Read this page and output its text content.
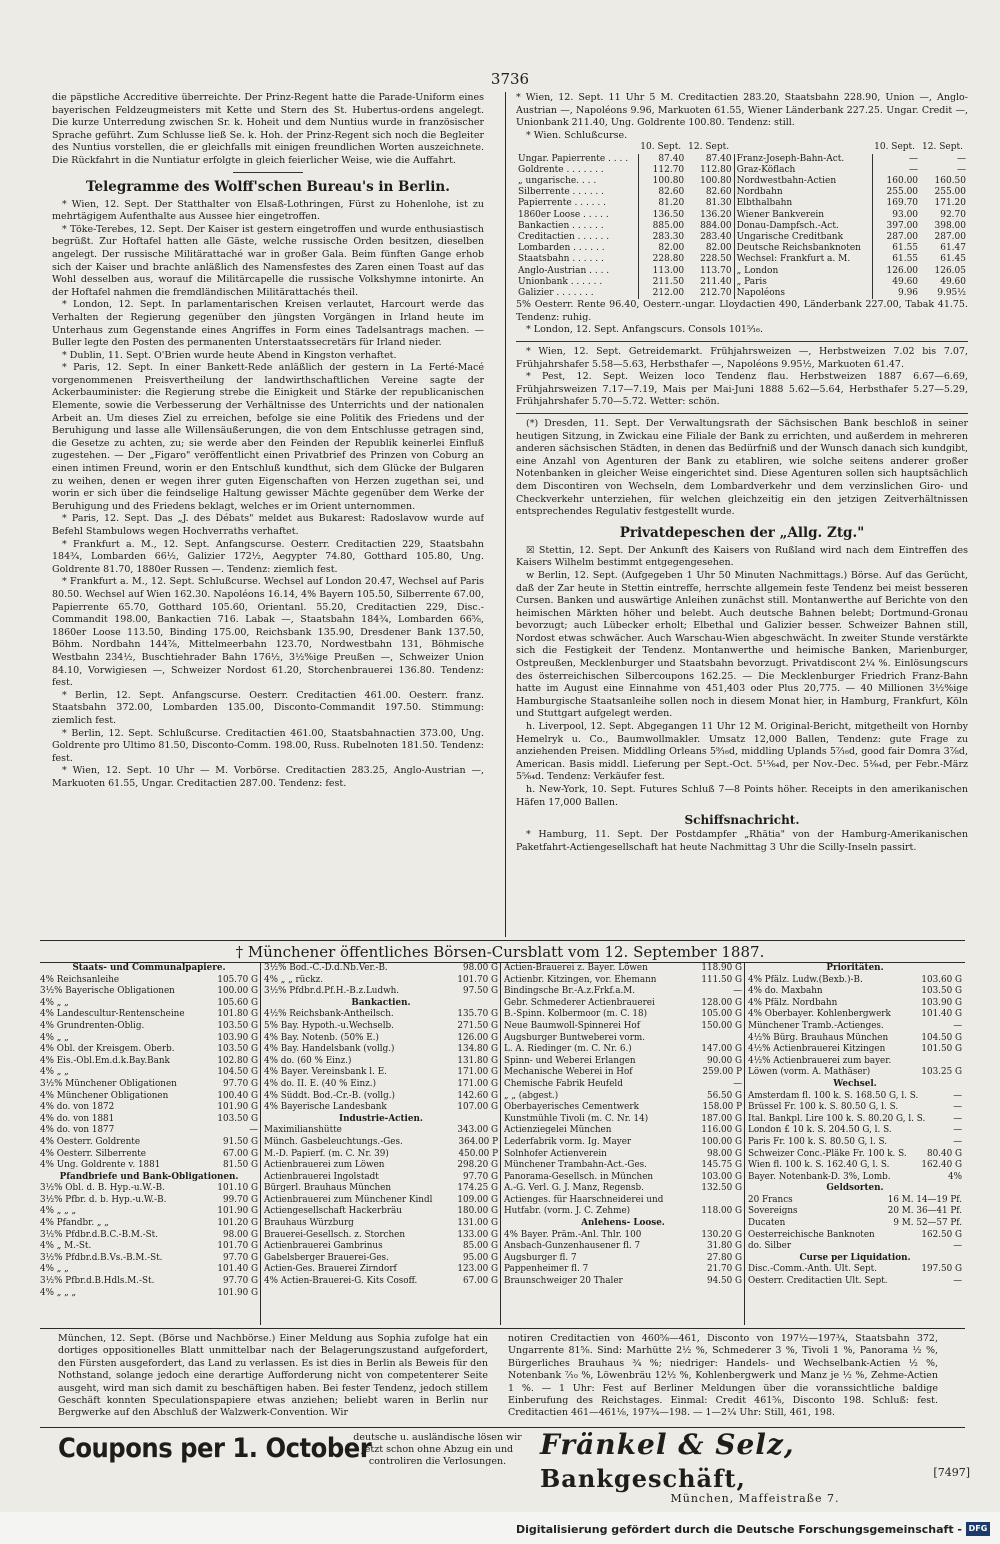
3736

die päpstliche Accreditive überreichte. Der Prinz-Regent hatte die Parade-Uniform eines bayerischen Feldzeugmeisters mit Kette und Stern des St. Hubertus-ordens angelegt. Die kurze Unterredung zwischen Sr. k. Hoheit und dem Nuntius wurde in französischer Sprache geführt. Zum Schlusse ließ Se. k. Hoh. der Prinz-Regent sich noch die Begleiter des Nuntius vorstellen, die er gleichfalls mit einigen freundlichen Worten auszeichnete. Die Rückfahrt in die Nuntiatur erfolgte in gleich feierlicher Weise, wie die Auffahrt.

Telegramme des Wolff'schen Bureau's in Berlin.

* Wien, 12. Sept. Der Statthalter von Elsaß-Lothringen, Fürst zu Hohenlohe, ist zu mehrtägigem Aufenthalte aus Aussee hier eingetroffen.

* Töke-Terebes, 12. Sept. Der Kaiser ist gestern eingetroffen und wurde enthusiastisch begrüßt. Zur Hoftafel hatten alle Gäste, welche russische Orden besitzen, dieselben angelegt. Der russische Militärattaché war in großer Gala. Beim fünften Gange erhob sich der Kaiser und brachte anläßlich des Namensfestes des Zaren einen Toast auf das Wohl desselben aus, worauf die Militärcapelle die russische Volkshymne intonirte. An der Hoftafel nahmen die fremdländischen Militärattachés theil.

* London, 12. Sept. In parlamentarischen Kreisen verlautet, Harcourt werde das Verhalten der Regierung gegenüber den jüngsten Vorgängen in Irland heute im Unterhaus zum Gegenstande eines Angriffes in Form eines Tadelsantrags machen. — Buller legte den Posten des permanenten Unterstaatssecretärs für Irland nieder.

* Dublin, 11. Sept. O'Brien wurde heute Abend in Kingston verhaftet.

* Paris, 12. Sept. In einer Bankett-Rede anläßlich der gestern in La Ferté-Macé vorgenommenen Preisvertheilung der landwirthschaftlichen Vereine sagte der Ackerbauminister: die Regierung strebe die Einigkeit und Stärke der republicanischen Elemente, sowie die Verbesserung der Verhältnisse des Unterrichts und der nationalen Arbeit an. Um dieses Ziel zu erreichen, befolge sie eine Politik des Friedens und der Beruhigung und lasse alle Willensäußerungen, die von dem Entschlusse getragen sind, die Gesetze zu achten, zu; sie werde aber den Feinden der Republik keinerlei Einfluß zugestehen. — Der „Figaro" veröffentlicht einen Privatbrief des Prinzen von Coburg an einen intimen Freund, worin er den Entschluß kundthut, sich dem Glücke der Bulgaren zu weihen, denen er wegen ihrer guten Eigenschaften von Herzen zugethan sei, und worin er sich über die feindselige Haltung gewisser Mächte gegenüber dem Werke der Beruhigung und des Friedens beklagt, welches er im Orient unternommen.

* Paris, 12. Sept. Das „J. des Débats" meldet aus Bukarest: Radoslavow wurde auf Befehl Stambulows wegen Hochverraths verhaftet.

* Frankfurt a. M., 12. Sept. Anfangscurse. Oesterr. Creditactien 229, Staatsbahn 184¾, Lombarden 66½, Galizier 172½, Aegypter 74.80, Gotthard 105.80, Ung. Goldrente 81.70, 1880er Russen —. Tendenz: ziemlich fest.

* Frankfurt a. M., 12. Sept. Schlußcurse. Wechsel auf London 20.47, Wechsel auf Paris 80.50. Wechsel auf Wien 162.30. Napoléons 16.14, 4% Bayern 105.50, Silberrente 67.00, Papierrente 65.70, Gotthard 105.60, Orientanl. 55.20, Creditactien 229, Disc.-Commandit 198.00, Bankactien 716. Labak —, Staatsbahn 184¾, Lombarden 66⅝, 1860er Loose 113.50, Binding 175.00, Reichsbank 135.90, Dresdener Bank 137.50, Böhm. Nordbahn 144⅞, Mittelmeerbahn 123.70, Nordwestbahn 131, Böhmische Westbahn 234½, Buschtiehrader Bahn 176½, 3½%ige Preußen —, Schweizer Union 84.10, Vorwigiesen —, Schweizer Nordost 61.20, Storchenbrauerei 136.80. Tendenz: fest.

* Berlin, 12. Sept. Anfangscurse. Oesterr. Creditactien 461.00. Oesterr. franz. Staatsbahn 372.00, Lombarden 135.00, Disconto-Commandit 197.50. Stimmung: ziemlich fest.

* Berlin, 12. Sept. Schlußcurse. Creditactien 461.00, Staatsbahnactien 373.00, Ung. Goldrente pro Ultimo 81.50, Disconto-Comm. 198.00, Russ. Rubelnoten 181.50. Tendenz: fest.

* Wien, 12. Sept. 10 Uhr — M. Vorbörse. Creditactien 283.25, Anglo-Austrian —, Markuoten 61.55, Ungar. Creditactien 287.00. Tendenz: fest.

* Wien, 12. Sept. 11 Uhr 5 M. Creditactien 283.20, Staatsbahn 228.90, Union —, Anglo-Austrian —, Napoléons 9.96, Markuoten 61.55, Wiener Länderbank 227.25. Ungar. Credit —, Unionbank 211.40, Ung. Goldrente 100.80. Tendenz: still.

* Wien. Schlußcurse.

	10. Sept.	12. Sept.		10. Sept.	12. Sept.
Ungar. Papierrente . . . .	87.40	87.40	Franz-Joseph-Bahn-Act.	—	—
Goldrente . . . . . . .	112.70	112.80	Graz-Köflach	—	—
„ ungarische. . . .	100.80	100.80	Nordwestbahn-Actien	160.00	160.50
Silberrente . . . . . .	82.60	82.60	Nordbahn	255.00	255.00
Papierrente . . . . . .	81.20	81.30	Elbthalbahn	169.70	171.20
1860er Loose . . . . .	136.50	136.20	Wiener Bankverein	93.00	92.70
Bankactien . . . . . .	885.00	884.00	Donau-Dampfsch.-Act.	397.00	398.00
Creditactien . . . . . .	283.30	283.40	Ungarische Creditbank	287.00	287.00
Lombarden . . . . . .	82.00	82.00	Deutsche Reichsbanknoten	61.55	61.47
Staatsbahn . . . . . .	228.80	228.50	Wechsel: Frankfurt a. M.	61.55	61.45
Anglo-Austrian . . . .	113.00	113.70	„ London	126.00	126.05
Unionbank . . . . . .	211.50	211.40	„ Paris	49.60	49.60
Galizier . . . . . . .	212.00	212.70	Napoléons	9.96	9.95½

5% Oesterr. Rente 96.40, Oesterr.-ungar. Lloydactien 490, Länderbank 227.00, Tabak 41.75. Tendenz: ruhig.

* London, 12. Sept. Anfangscurs. Consols 101⁵⁄₁₆.

* Wien, 12. Sept. Getreidemarkt. Frühjahrsweizen —, Herbstweizen 7.02 bis 7.07, Frühjahrshafer 5.58—5.63, Herbsthafer —, Napoléons 9.95½, Markuoten 61.47.

* Pest, 12. Sept. Weizen loco Tendenz flau. Herbstweizen 1887 6.67—6.69, Frühjahrsweizen 7.17—7.19, Mais per Mai-Juni 1888 5.62—5.64, Herbsthafer 5.27—5.29, Frühjahrshafer 5.70—5.72. Wetter: schön.

(*) Dresden, 11. Sept. Der Verwaltungsrath der Sächsischen Bank beschloß in seiner heutigen Sitzung, in Zwickau eine Filiale der Bank zu errichten, und außerdem in mehreren anderen sächsischen Städten, in denen das Bedürfniß und der Wunsch danach sich kundgibt, eine Anzahl von Agenturen der Bank zu etabliren, wie solche seitens anderer großer Notenbanken in gleicher Weise eingerichtet sind. Diese Agenturen sollen sich hauptsächlich dem Discontiren von Wechseln, dem Lombardverkehr und dem verzinslichen Giro- und Checkverkehr unterziehen, für welchen gleichzeitig ein den jetzigen Zeitverhältnissen entsprechendes Regulativ festgestellt wurde.

Privatdepeschen der „Allg. Ztg."

☒ Stettin, 12. Sept. Der Ankunft des Kaisers von Rußland wird nach dem Eintreffen des Kaisers Wilhelm bestimmt entgegengesehen.

w Berlin, 12. Sept. (Aufgegeben 1 Uhr 50 Minuten Nachmittags.) Börse. Auf das Gerücht, daß der Zar heute in Stettin eintreffe, herrschte allgemein feste Tendenz bei meist besseren Cursen. Banken und auswärtige Anleihen zunächst still. Montanwerthe auf Berichte von den heimischen Märkten höher und belebt. Auch deutsche Bahnen belebt; Dortmund-Gronau bevorzugt; auch Lübecker erholt; Elbethal und Galizier besser. Schweizer Bahnen still, Nordost etwas schwächer. Auch Warschau-Wien abgeschwächt. In zweiter Stunde verstärkte sich die Festigkeit der Tendenz. Montanwerthe und heimische Banken, Marienburger, Ostpreußen, Mecklenburger und Staatsbahn bevorzugt. Privatdiscont 2¼ %. Einlösungscurs des österreichischen Silbercoupons 162.25. — Die Mecklenburger Friedrich Franz-Bahn hatte im August eine Einnahme von 451,403 oder Plus 20,775. — 40 Millionen 3½%ige Hamburgische Staatsanleihe sollen noch in diesem Monat hier, in Hamburg, Frankfurt, Köln und Stuttgart aufgelegt werden.

h. Liverpool, 12. Sept. Abgegangen 11 Uhr 12 M. Original-Bericht, mitgetheilt von Hornby Hemelryk u. Co., Baumwollmakler. Umsatz 12,000 Ballen, Tendenz: gute Frage zu anziehenden Preisen. Middling Orleans 5⁹⁄₁₆d, middling Uplands 5⁷⁄₁₆d, good fair Domra 3⅞d, American. Basis middl. Lieferung per Sept.-Oct. 5¹⁵⁄₆₄d, per Nov.-Dec. 5¹⁄₆₄d, per Febr.-März 5⁵⁄₆₄d. Tendenz: Verkäufer fest.

h. New-York, 10. Sept. Futures Schluß 7—8 Points höher. Receipts in den amerikanischen Häfen 17,000 Ballen.

Schiffsnachricht.

* Hamburg, 11. Sept. Der Postdampfer „Rhätia" von der Hamburg-Amerikanischen Paketfahrt-Actiengesellschaft hat heute Nachmittag 3 Uhr die Scilly-Inseln passirt.

† Münchener öffentliches Börsen-Cursblatt vom 12. September 1887.
Staats- und Communalpapiere.
4% Reichsanleihe	105.70 G
3½% Bayerische Obligationen	100.00 G
4% „ „	105.60 G
4% Landescultur-Rentenscheine	101.80 G
4% Grundrenten-Oblig.	103.50 G
4% „ „	103.90 G
4% Obl. der Kreisgem. Oberb.	103.50 G
4% Eis.-Obl.Em.d.k.Bay.Bank	102.80 G
4% „ „	104.50 G
3½% Münchener Obligationen	97.70 G
4% Münchener Obligationen	100.40 G
4% do. von 1872	101.90 G
4% do. von 1881	103.50 G
4% do. von 1877	—
4% Oesterr. Goldrente	91.50 G
4% Oesterr. Silberrente	67.00 G
4% Ung. Goldrente v. 1881	81.50 G
Pfandbriefe und Bank-Obligationen.
3½% Obl. d. B. Hyp.-u.W.-B.	101.10 G
3½% Pfbr. d. b. Hyp.-u.W.-B.	99.70 G
4% „ „ „	101.90 G
4% Pfandbr. „ „	101.20 G
3½% Pfdbr.d.B.C.-B.M.-St.	98.00 G
4% „ M.-St.	101.70 G
3½% Pfdbr.d.B.Vs.-B.M.-St.	97.70 G
4% „ „	101.40 G
3½% Pfbr.d.B.Hdls.M.-St.	97.70 G
4% „ „ „	101.90 G
3½% Bod.-C.-D.d.Nb.Ver.-B.	98.00 G
4% „ „ rückz.	101.70 G
3½% Pfdbr.d.Pf.H.-B.z.Ludwh.	97.50 G
Bankactien.
4½% Reichsbank-Antheilsch.	135.70 G
5% Bay. Hypoth.-u.Wechselb.	271.50 G
4% Bay. Notenb. (50% E.)	126.00 G
4% Bay. Handelsbank (vollg.)	134.80 G
4% do. (60 % Einz.)	131.80 G
4% Bayer. Vereinsbank l. E.	171.00 G
4% do. II. E. (40 % Einz.)	171.00 G
4% Süddt. Bod.-Cr.-B. (vollg.)	142.60 G
4% Bayerische Landesbank	107.00 G
Industrie-Actien.
Maximilianshütte	343.00 G
Münch. Gasbeleuchtungs.-Ges.	364.00 P
M.-D. Papierf. (m. C. Nr. 39)	450.00 P
Actienbrauerei zum Löwen	298.20 G
Actienbrauerei Ingolstadt	97.70 G
Bürgerl. Brauhaus München	174.25 G
Actienbrauerei zum Münchener Kindl	109.00 G
Actiengesellschaft Hackerbräu	180.00 G
Brauhaus Würzburg	131.00 G
Brauerei-Gesellsch. z. Storchen	133.00 G
Actienbrauerei Gambrinus	85.00 G
Gabelsberger Brauerei-Ges.	95.00 G
Actien-Ges. Brauerei Zirndorf	123.00 G
4% Actien-Brauerei-G. Kits Cosoff.	67.00 G
Actien-Brauerei z. Bayer. Löwen	118.90 G
Actienbr. Kitzingen, vor. Ehemann	111.50 G
Bindingsche Br.-A.z.Frkf.a.M.	—
Gebr. Schmederer Actienbrauerei	128.00 G
B.-Spinn. Kolbermoor (m. C. 18)	105.00 G
Neue Baumwoll-Spinnerei Hof	150.00 G
Augsburger Buntweberei vorm.
L. A. Riedinger (m. C. Nr. 6.)	147.00 G
Spinn- und Weberei Erlangen	90.00 G
Mechanische Weberei in Hof	259.00 P
Chemische Fabrik Heufeld	—
„ „ (abgest.)	56.50 G
Oberbayerisches Cementwerk	158.00 P
Kunstmühle Tivoli (m. C. Nr. 14)	187.00 G
Actienziegelei München	116.00 G
Lederfabrik vorm. Ig. Mayer	100.00 G
Solnhofer Actienverein	98.00 G
Münchener Trambahn-Act.-Ges.	145.75 G
Panorama-Gesellsch. in München	103.00 G
A.-G. Verl. G. J. Manz, Regensb.	132.50 G
Actienges. für Haarschneiderei und
Hutfabr. (vorm. J. C. Zehme)	118.00 G
Anlehens- Loose.
4% Bayer. Präm.-Anl. Thlr. 100	130.20 G
Ansbach-Gunzenhausener fl. 7	31.80 G
Augsburger fl. 7	27.80 G
Pappenheimer fl. 7	21.70 G
Braunschweiger 20 Thaler	94.50 G
Prioritäten.
4% Pfälz. Ludw.(Bexb.)-B.	103.60 G
4% do. Maxbahn	103.50 G
4% Pfälz. Nordbahn	103.90 G
4% Oberbayer. Kohlenbergwerk	101.40 G
Münchener Tramb.-Actienges.	—
4½% Bürg. Brauhaus München	104.50 G
4½% Actienbrauerei Kitzingen	101.50 G
4½% Actienbrauerei zum bayer.
Löwen (vorm. A. Mathäser)	103.25 G
Wechsel.
Amsterdam fl. 100 k. S. 168.50 G, l. S.	—
Brüssel Fr. 100 k. S. 80.50 G, l. S.	—
Ital. Bankpl. Lire 100 k. S. 80.20 G, l. S.	—
London £ 10 k. S. 204.50 G, l. S.	—
Paris Fr. 100 k. S. 80.50 G, l. S.	—
Schweizer Conc.-Pläke Fr. 100 k. S. 80.40 G
Wien fl. 100 k. S. 162.40 G, l. S.	162.40 G
Bayer. Notenbank-D. 3%, Lomb.	4%
Geldsorten.
20 Francs	16 M. 14—19 Pf.
Sovereigns	20 M. 36—41 Pf.
Ducaten	9 M. 52—57 Pf.
Oesterreichische Banknoten	162.50 G
do. Silber	—
Curse per Liquidation.
Disc.-Comm.-Anth. Ult. Sept.	197.50 G
Oesterr. Creditactien Ult. Sept.	—
München, 12. Sept. (Börse und Nachbörse.) Einer Meldung aus Sophia zufolge hat ein dortiges oppositionelles Blatt unmittelbar nach der Belagerungszustand aufgefordert, den Fürsten ausgefordert, das Land zu verlassen. Es ist dies in Berlin als Beweis für den Nothstand, solange jedoch eine derartige Aufforderung nicht von competenterer Seite ausgeht, wird man sich damit zu beschäftigen haben. Bei fester Tendenz, jedoch stillem Geschäft konnten Speculationspapiere etwas anziehen; beliebt waren in Berlin nur Bergwerke auf den Abschluß der Walzwerk-Convention. Wir
notiren Creditactien von 460⅝—461, Disconto von 197½—197¾, Staatsbahn 372, Ungarrente 81⅝. Sind: Marhütte 2½ %, Schmederer 3 %, Tivoli 1 %, Panorama ½ %, Bürgerliches Brauhaus ¾ %; niedriger: Handels- und Wechselbank-Actien ½ %, Notenbank ⁷⁄₁₀ %, Löwenbräu 12½ %, Kohlenbergwerk und Manz je ½ %, Zehme-Actien 1 %. — 1 Uhr: Fest auf Berliner Meldungen über die voranssichtliche baldige Einberufung des Reichstages. Einmal: Credit 461⅝, Disconto 198. Schluß: fest. Creditactien 461—461⅛, 197¾—198. — 1—2¼ Uhr: Still, 461, 198.
Coupons per 1. October
deutsche u. ausländische lösen wir jetzt schon ohne Abzug ein und controliren die Verlosungen.
Fränkel & Selz, Bankgeschäft,
München, Maffeistraße 7.
[7497]
Digitalisierung gefördert durch die Deutsche Forschungsgemeinschaft - DFG
